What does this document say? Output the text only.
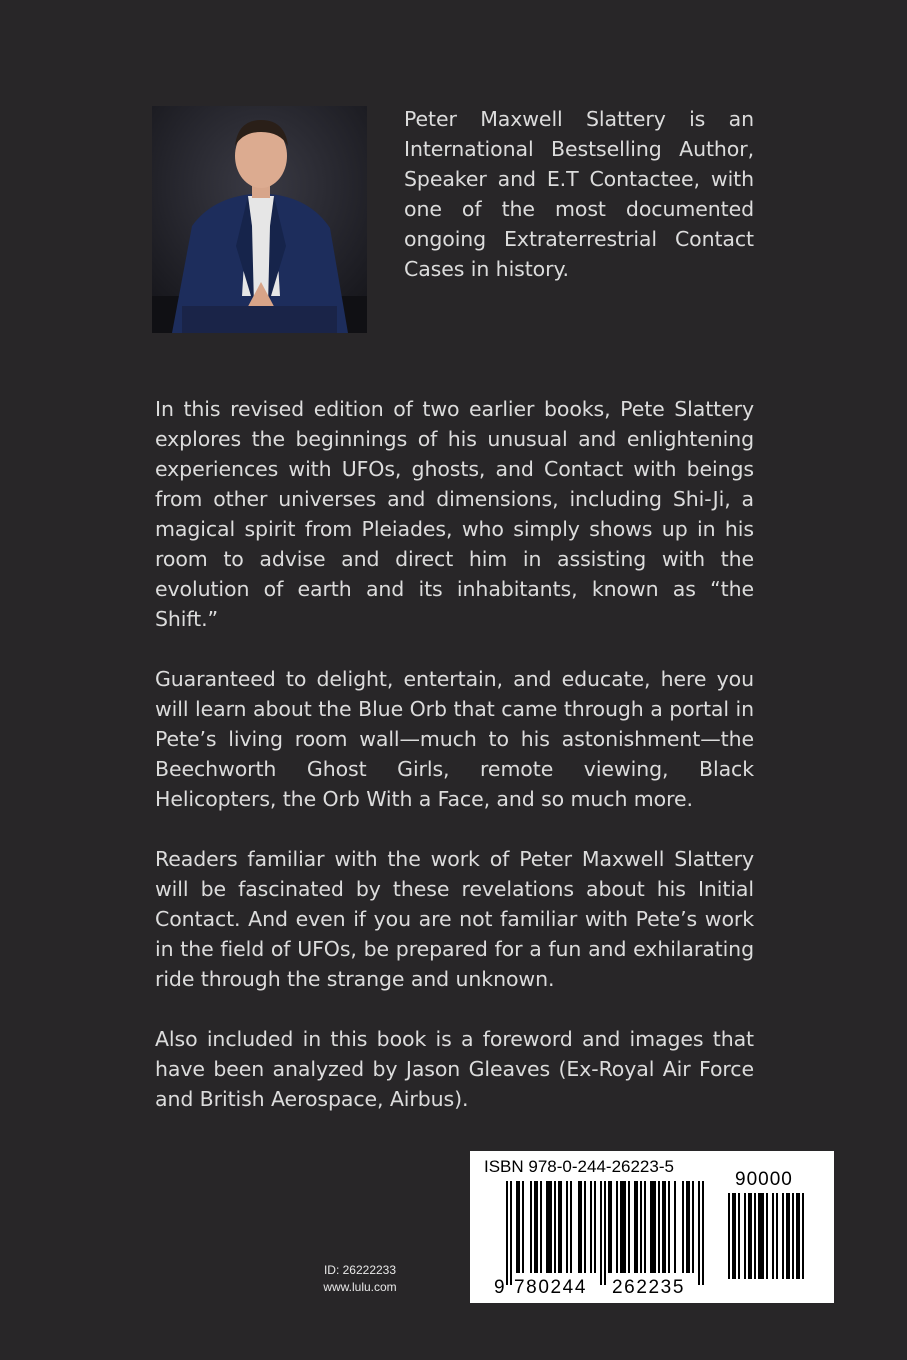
Peter Maxwell Slattery is an International Bestselling Author, Speaker and E.T Contactee, with one of the most documented ongoing Extraterrestrial Contact Cases in history.

In this revised edition of two earlier books, Pete Slattery explores the beginnings of his unusual and enlightening experiences with UFOs, ghosts, and Contact with beings from other universes and dimensions, including Shi-Ji, a magical spirit from Pleiades, who simply shows up in his room to advise and direct him in assisting with the evolution of earth and its inhabitants, known as “the Shift.”

Guaranteed to delight, entertain, and educate, here you will learn about the Blue Orb that came through a portal in Pete’s living room wall—much to his astonishment—the Beechworth Ghost Girls, remote viewing, Black Helicopters, the Orb With a Face, and so much more.

Readers familiar with the work of Peter Maxwell Slattery will be fascinated by these revelations about his Initial Contact. And even if you are not familiar with Pete’s work in the field of UFOs, be prepared for a fun and exhilarating ride through the strange and unknown.

Also included in this book is a foreword and images that have been analyzed by Jason Gleaves (Ex-Royal Air Force and British Aerospace, Airbus).

ID: 26222233
www.lulu.com
ISBN 978-0-244-26223-5
90000
9 780244 262235
